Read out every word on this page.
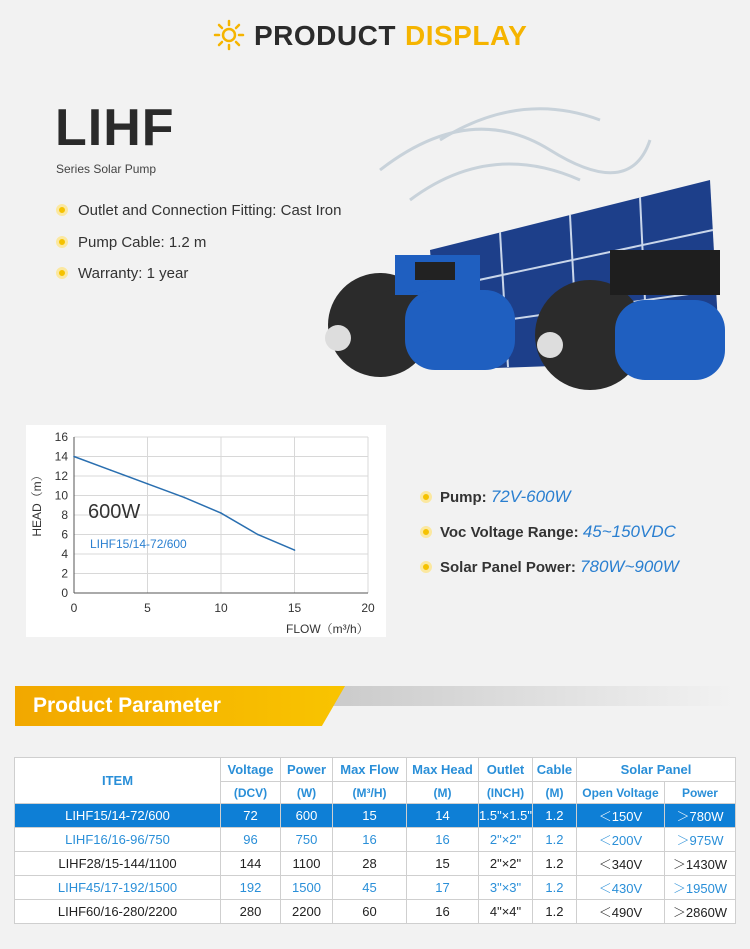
PRODUCT DISPLAY
LIHF
Series Solar Pump
Outlet and Connection Fitting: Cast Iron
Pump Cable: 1.2 m
Warranty: 1 year
0
2
4
6
8
10
12
14
16
0	5	10	15	20
600W
LIHF15/14-72/600
FLOW（m³/h）
HEAD（m）	Pump: 72V-600W
Voc Voltage Range: 45~150VDC
Solar Panel Power: 780W~900W
Product Parameter
ITEM	Voltage	Power	Max Flow	Max Head	Outlet	Cable	Solar Panel	
	(DCV)	(W)	(M³/H)	(M)	(INCH)	(M)	Open Voltage	Power
LIHF15/14-72/600	72	600	15	14	1.5"×1.5"	1.2	＜150V	＞780W
LIHF16/16-96/750	96	750	16	16	2"×2"	1.2	＜200V	＞975W
LIHF28/15-144/1100	144	1100	28	15	2"×2"	1.2	＜340V	＞1430W
LIHF45/17-192/1500	192	1500	45	17	3"×3"	1.2	＜430V	＞1950W
LIHF60/16-280/2200	280	2200	60	16	4"×4"	1.2	＜490V	＞2860W
